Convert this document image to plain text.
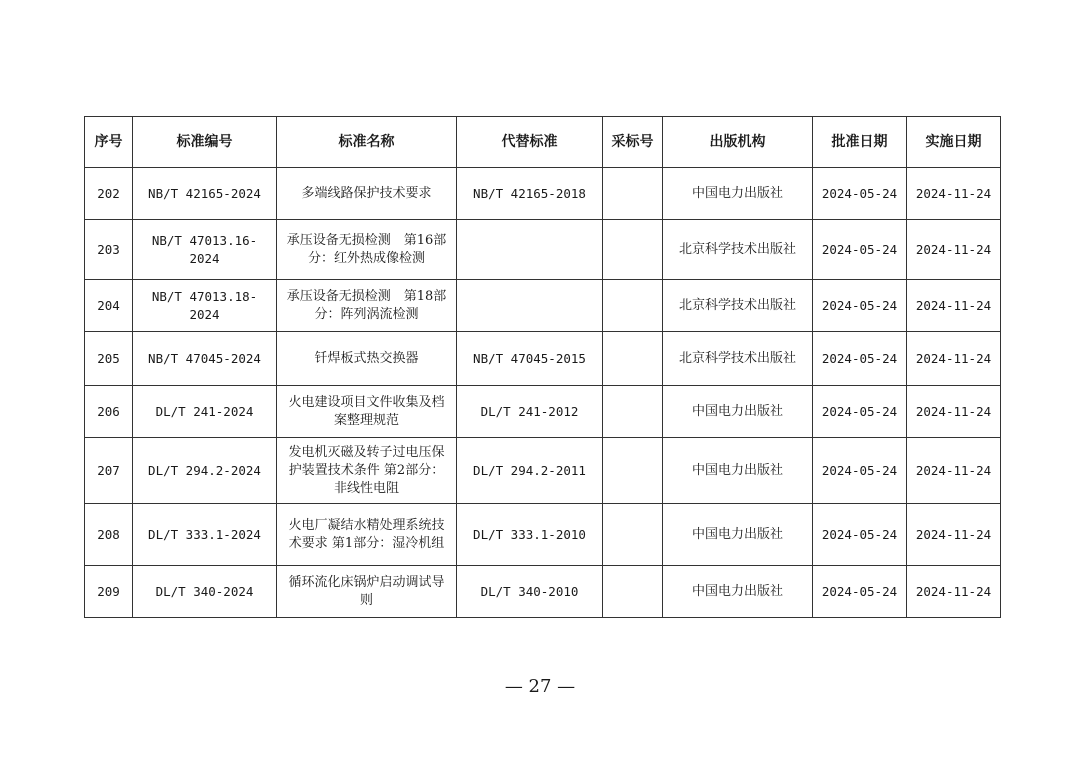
序号	标准编号	标准名称	代替标准	采标号	出版机构	批准日期	实施日期
202	NB/T 42165-2024	多端线路保护技术要求	NB/T 42165-2018		中国电力出版社	2024-05-24	2024-11-24
203	NB/T 47013.16-2024	承压设备无损检测　第16部分：红外热成像检测			北京科学技术出版社	2024-05-24	2024-11-24
204	NB/T 47013.18-2024	承压设备无损检测　第18部分：阵列涡流检测			北京科学技术出版社	2024-05-24	2024-11-24
205	NB/T 47045-2024	钎焊板式热交换器	NB/T 47045-2015		北京科学技术出版社	2024-05-24	2024-11-24
206	DL/T 241-2024	火电建设项目文件收集及档案整理规范	DL/T 241-2012		中国电力出版社	2024-05-24	2024-11-24
207	DL/T 294.2-2024	发电机灭磁及转子过电压保护装置技术条件 第2部分：非线性电阻	DL/T 294.2-2011		中国电力出版社	2024-05-24	2024-11-24
208	DL/T 333.1-2024	火电厂凝结水精处理系统技术要求 第1部分：湿冷机组	DL/T 333.1-2010		中国电力出版社	2024-05-24	2024-11-24
209	DL/T 340-2024	循环流化床锅炉启动调试导则	DL/T 340-2010		中国电力出版社	2024-05-24	2024-11-24
— 27 —
